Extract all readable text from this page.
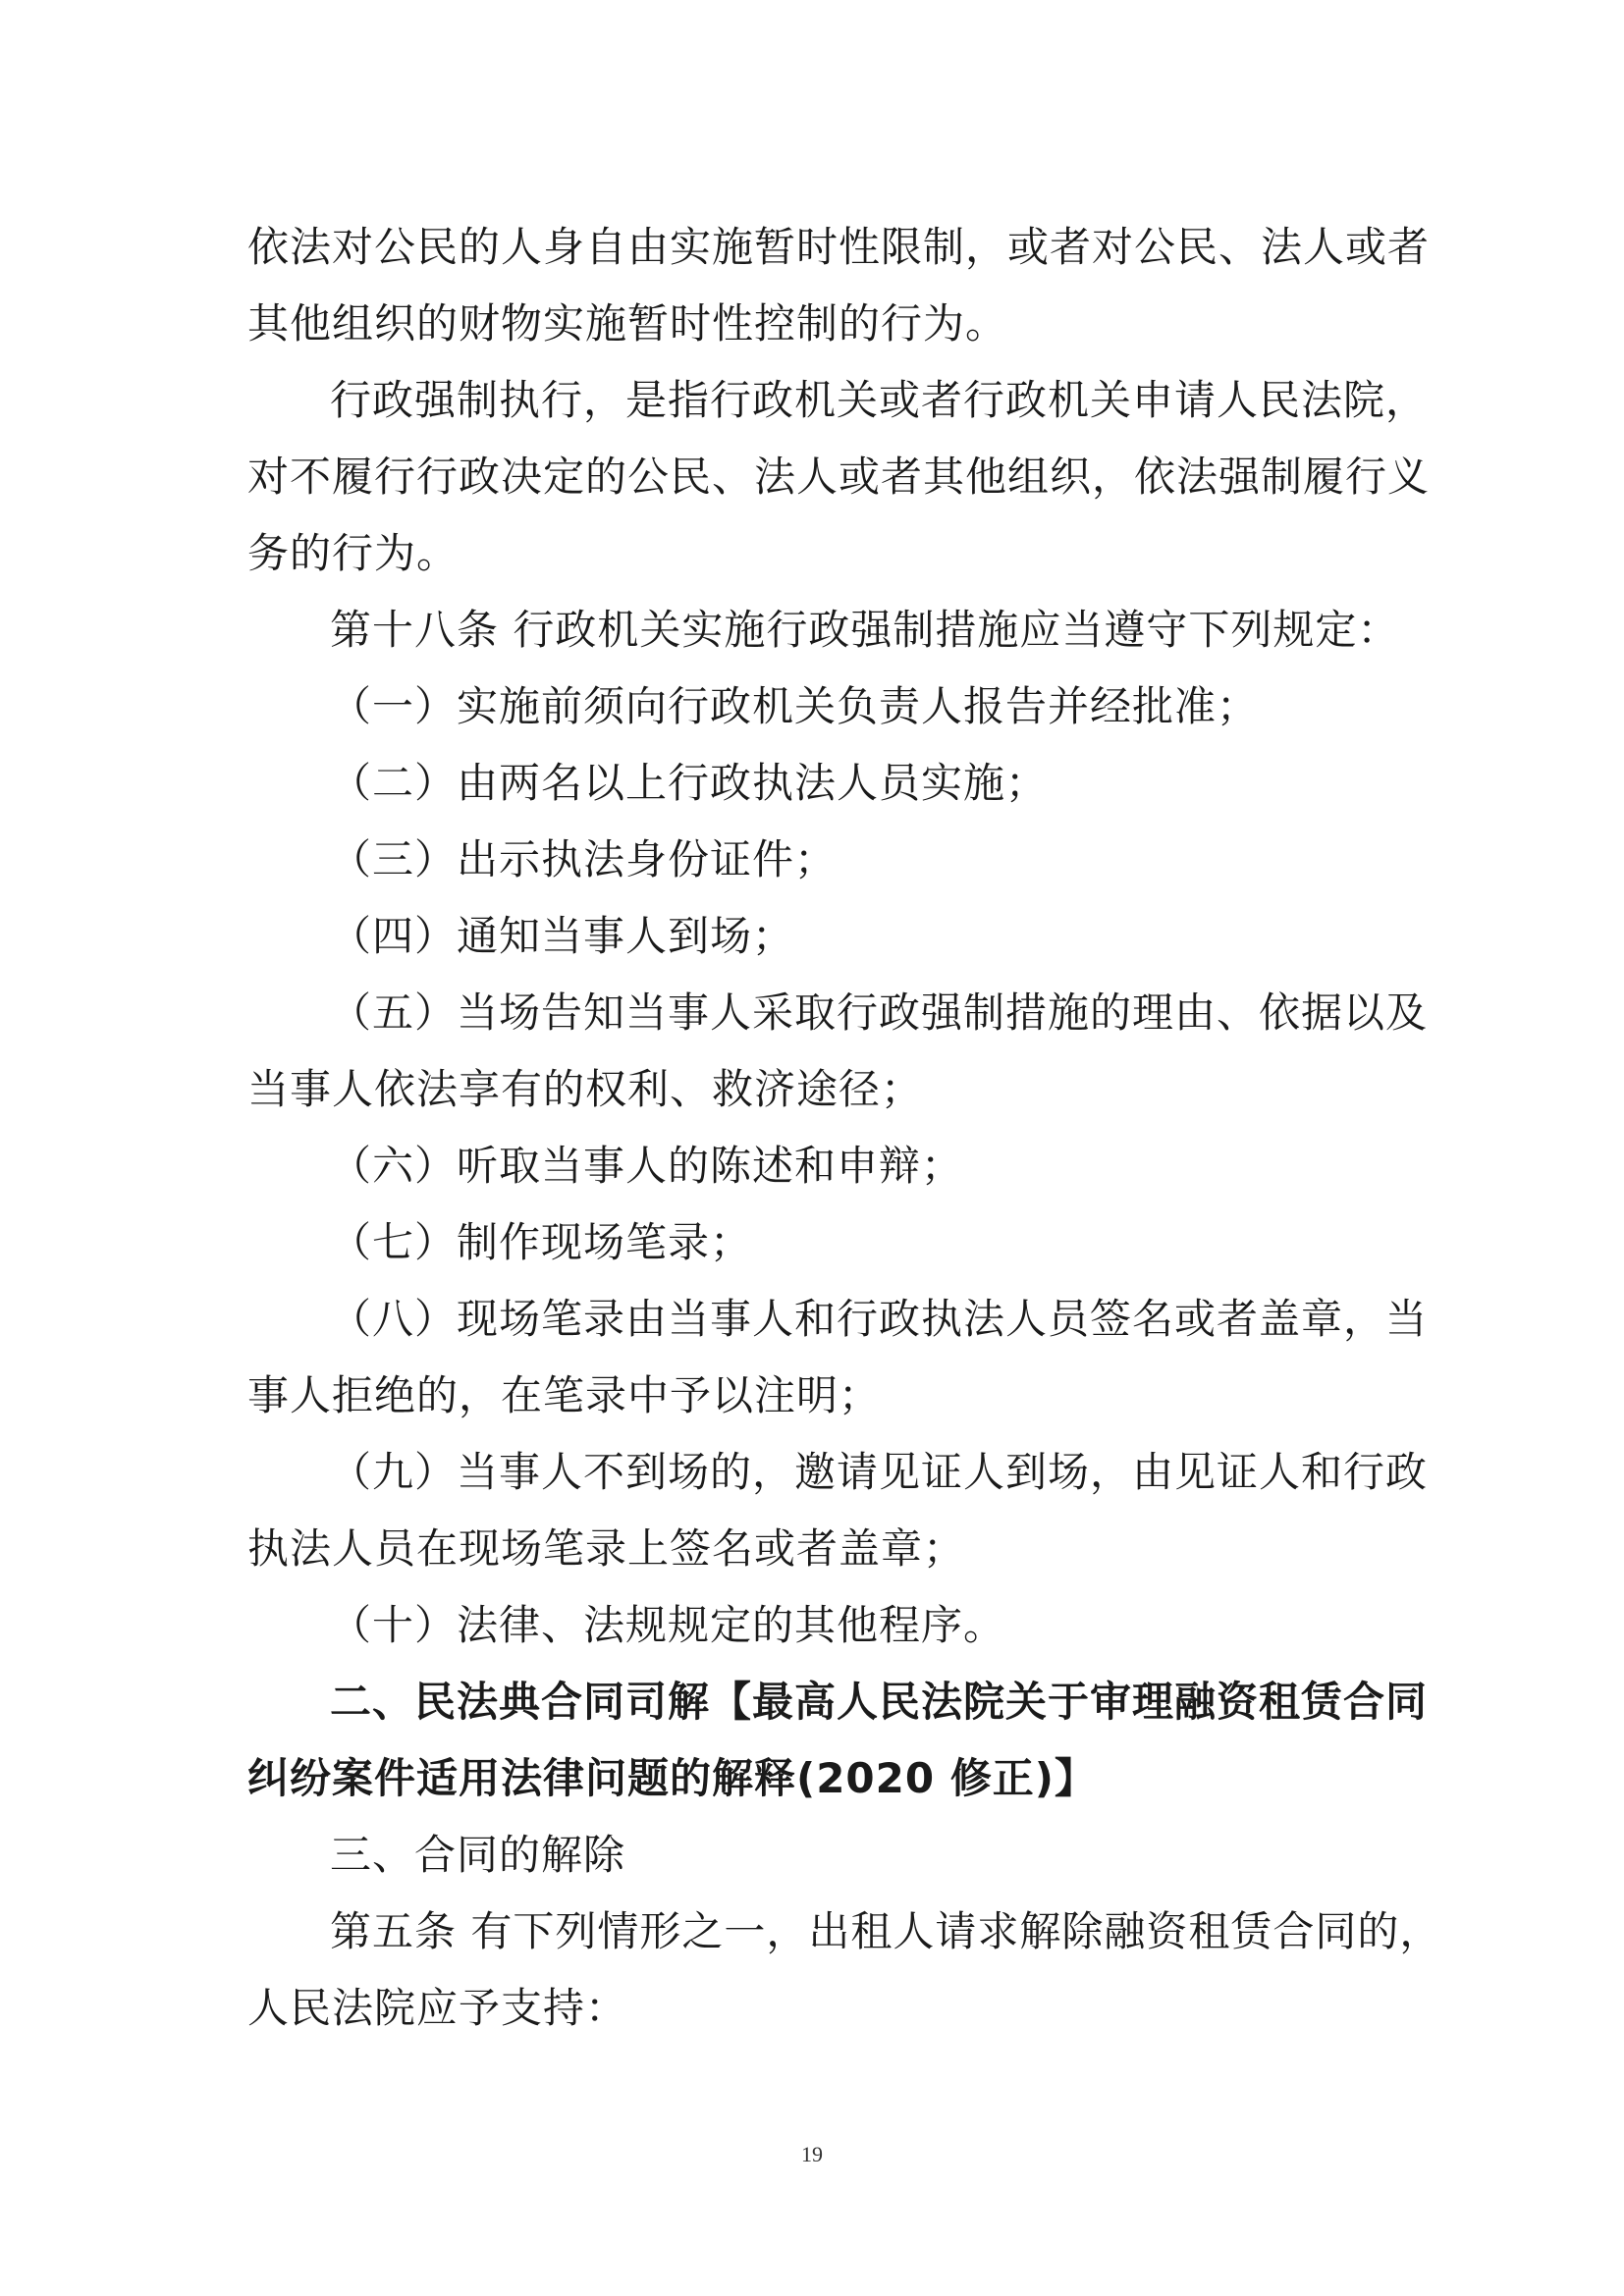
依法对公民的人身自由实施暂时性限制，或者对公民、法人或者
其他组织的财物实施暂时性控制的行为。
行政强制执行，是指行政机关或者行政机关申请人民法院，
对不履行行政决定的公民、法人或者其他组织，依法强制履行义
务的行为。
第十八条 行政机关实施行政强制措施应当遵守下列规定：
（一）实施前须向行政机关负责人报告并经批准；
（二）由两名以上行政执法人员实施；
（三）出示执法身份证件；
（四）通知当事人到场；
（五）当场告知当事人采取行政强制措施的理由、依据以及
当事人依法享有的权利、救济途径；
（六）听取当事人的陈述和申辩；
（七）制作现场笔录；
（八）现场笔录由当事人和行政执法人员签名或者盖章，当
事人拒绝的，在笔录中予以注明；
（九）当事人不到场的，邀请见证人到场，由见证人和行政
执法人员在现场笔录上签名或者盖章；
（十）法律、法规规定的其他程序。
二、民法典合同司解【最高人民法院关于审理融资租赁合同
纠纷案件适用法律问题的解释(2020 修正)】
三、合同的解除
第五条 有下列情形之一，出租人请求解除融资租赁合同的，
人民法院应予支持：
19
